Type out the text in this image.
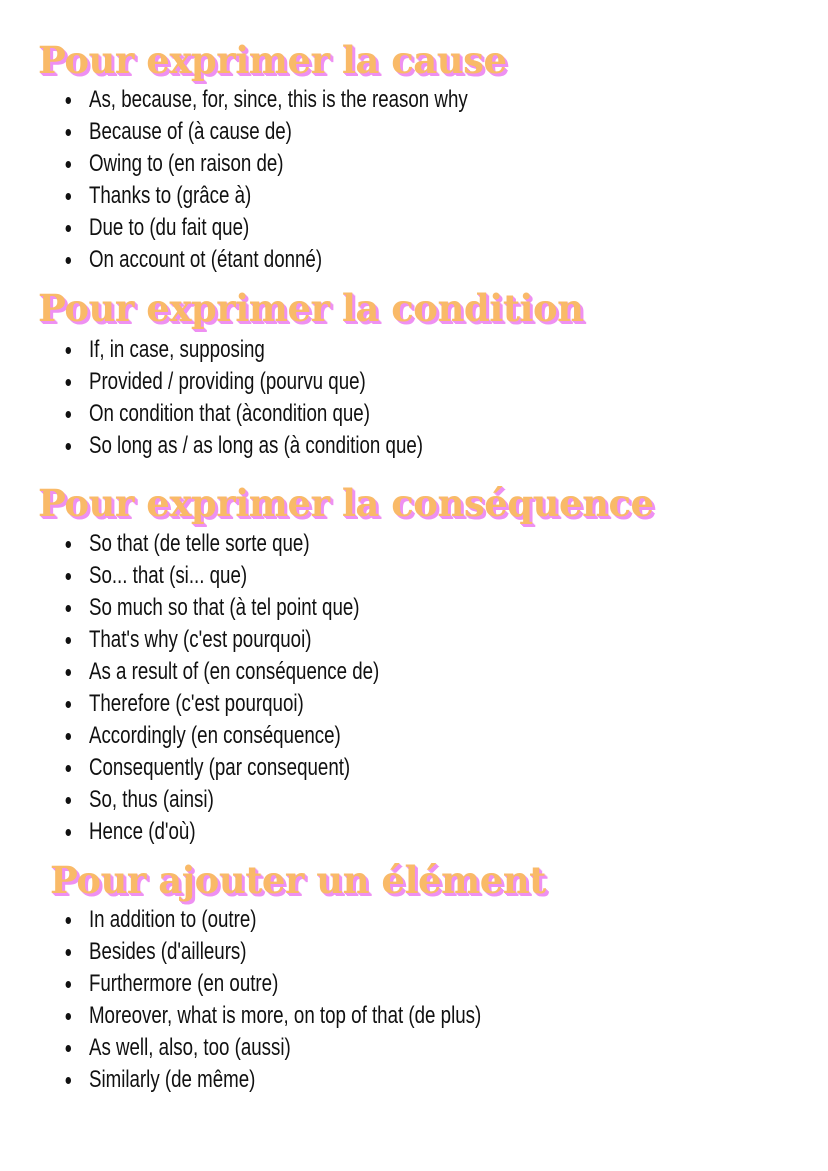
Pour exprimer la cause
As, because, for, since, this is the reason why
Because of (à cause de)
Owing to (en raison de)
Thanks to (grâce à)
Due to (du fait que)
On account ot (étant donné)
Pour exprimer la condition
If, in case, supposing
Provided / providing (pourvu que)
On condition that (àcondition que)
So long as / as long as (à condition que)
Pour exprimer la conséquence
So that (de telle sorte que)
So... that (si... que)
So much so that (à tel point que)
That's why (c'est pourquoi)
As a result of (en conséquence de)
Therefore (c'est pourquoi)
Accordingly (en conséquence)
Consequently (par consequent)
So, thus (ainsi)
Hence (d'où)
Pour ajouter un élément
In addition to (outre)
Besides (d'ailleurs)
Furthermore (en outre)
Moreover, what is more, on top of that (de plus)
As well, also, too (aussi)
Similarly (de même)
